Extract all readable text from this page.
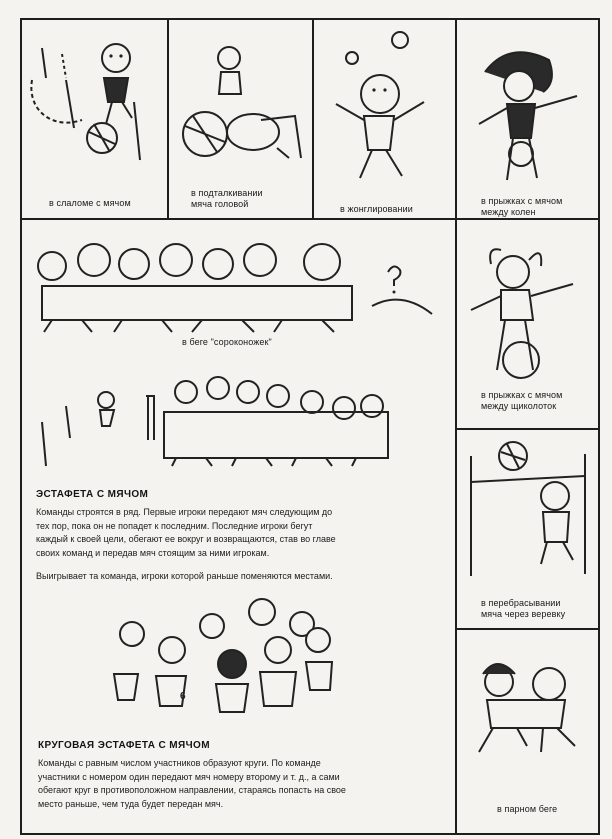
в слаломе с мячом
в подталкивании
мяча головой	в жонглировании
в прыжках с мячом
между колен
в беге "сороконожек"
ЭСТАФЕТА С МЯЧОМ
Команды строятся в ряд. Первые игроки передают мяч следующим до
тех пор, пока он не попадет к последним. Последние игроки бегут
каждый к своей цели, обегают ее вокруг и возвращаются, став во главе
своих команд и передав мяч стоящим за ними игрокам.
Выигрывает та команда, игроки которой раньше поменяются местами.
6	7
КРУГОВАЯ ЭСТАФЕТА С МЯЧОМ
Команды с равным числом участников образуют круги. По команде
участники с номером один передают мяч номеру второму и т. д., а сами
обегают круг в противоположном направлении, стараясь попасть на свое
место раньше, чем туда будет передан мяч.
в прыжках с мячом
между щиколоток
в перебрасывании
мяча через веревку
в парном беге
